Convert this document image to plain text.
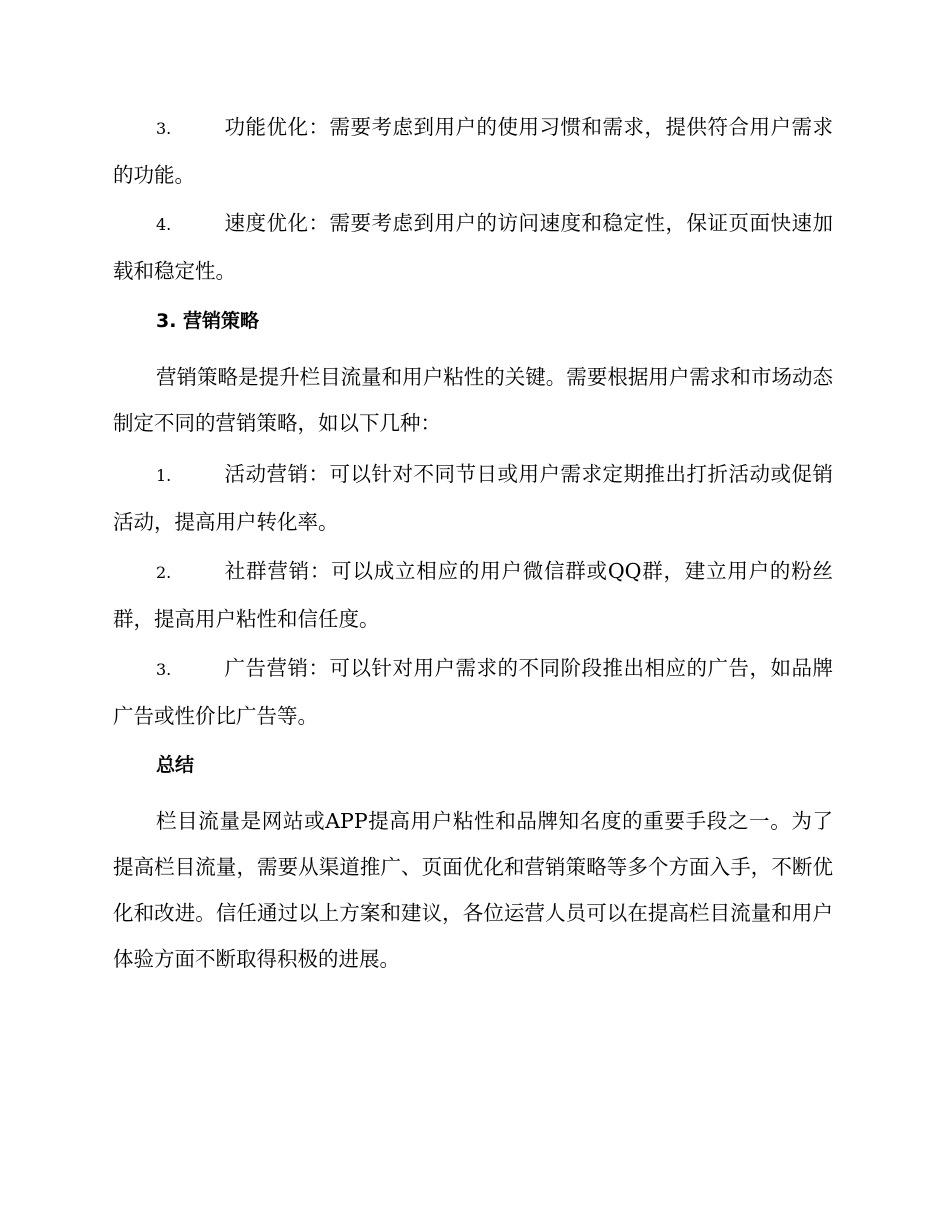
3.	功能优化：需要考虑到用户的使用习惯和需求，提供符合用户需求的功能。

4.	速度优化：需要考虑到用户的访问速度和稳定性，保证页面快速加载和稳定性。

3. 营销策略

营销策略是提升栏目流量和用户粘性的关键。需要根据用户需求和市场动态制定不同的营销策略，如以下几种：

1.	活动营销：可以针对不同节日或用户需求定期推出打折活动或促销活动，提高用户转化率。

2.	社群营销：可以成立相应的用户微信群或QQ群，建立用户的粉丝群，提高用户粘性和信任度。

3.	广告营销：可以针对用户需求的不同阶段推出相应的广告，如品牌广告或性价比广告等。

总结

栏目流量是网站或APP提高用户粘性和品牌知名度的重要手段之一。为了提高栏目流量，需要从渠道推广、页面优化和营销策略等多个方面入手，不断优化和改进。信任通过以上方案和建议，各位运营人员可以在提高栏目流量和用户体验方面不断取得积极的进展。
